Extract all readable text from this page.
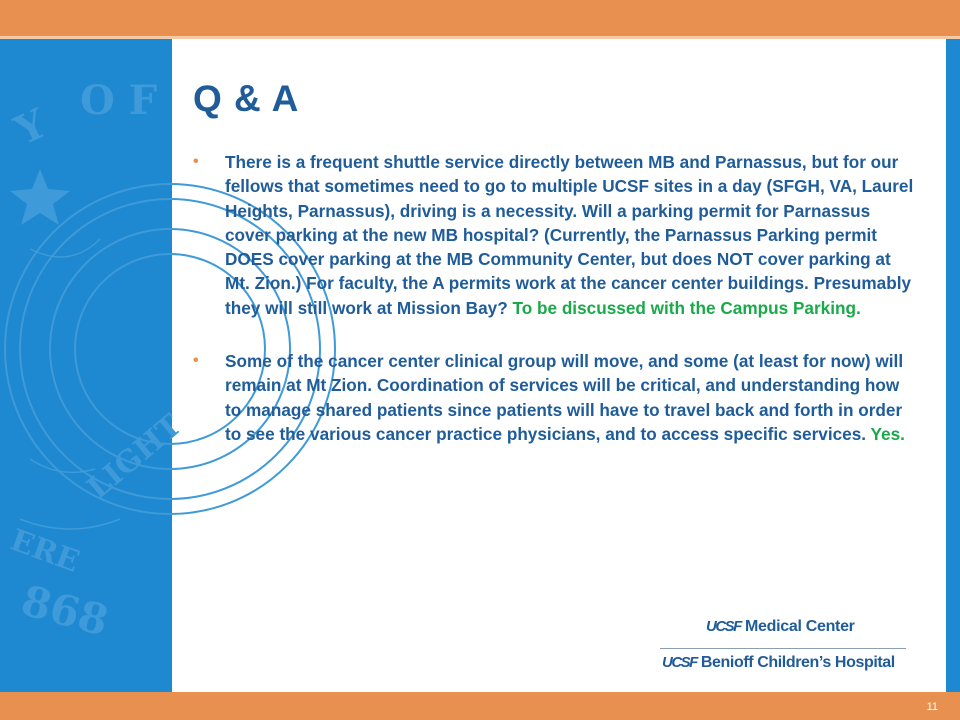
Y O F
LIGHT
ERE
868
Q & A
• There is a frequent shuttle service directly between MB and Parnassus, but for our fellows that sometimes need to go to multiple UCSF sites in a day (SFGH, VA, Laurel Heights, Parnassus), driving is a necessity. Will a parking permit for Parnassus cover parking at the new MB hospital? (Currently, the Parnassus Parking permit DOES cover parking at the MB Community Center, but does NOT cover parking at Mt. Zion.) For faculty, the A permits work at the cancer center buildings. Presumably they will still work at Mission Bay? To be discussed with the Campus Parking.
• Some of the cancer center clinical group will move, and some (at least for now) will remain at Mt Zion. Coordination of services will be critical, and understanding how to manage shared patients since patients will have to travel back and forth in order to see the various cancer practice physicians, and to access specific services. Yes.
UCSF Medical Center
UCSF Benioff Children’s Hospital
11
